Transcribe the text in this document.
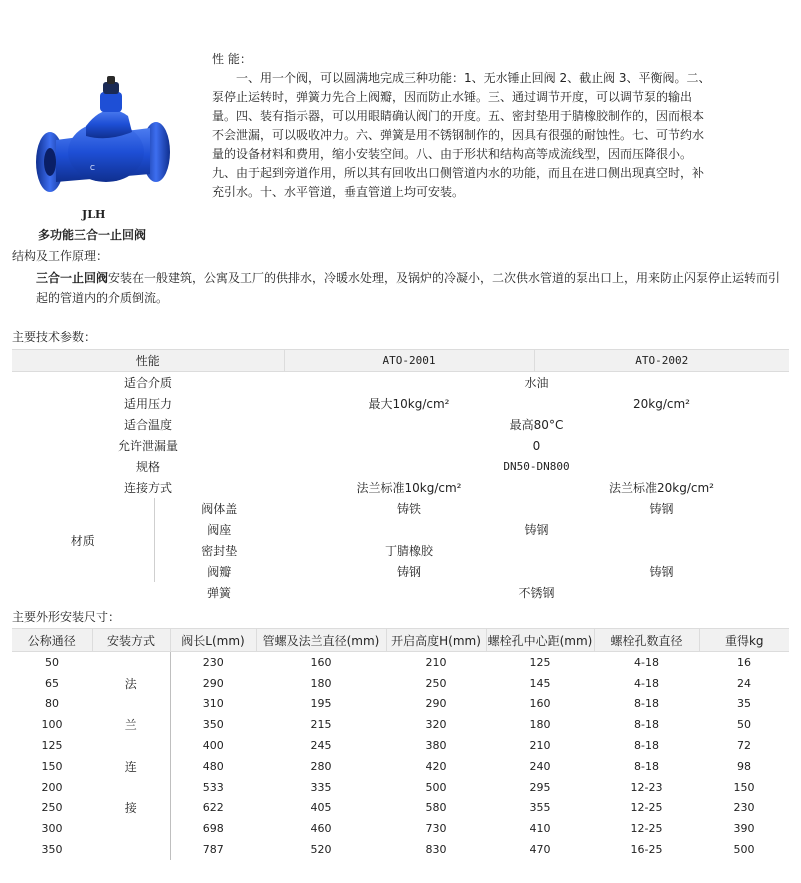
C
JLH
多功能三合一止回阀

性 能：

一、用一个阀，可以圆满地完成三种功能：1、无水锤止回阀 2、截止阀 3、平衡阀。二、泵停止运转时，弹簧力先合上阀瓣，因而防止水锤。三、通过调节开度，可以调节泵的输出量。四、装有指示器，可以用眼睛确认阀门的开度。五、密封垫用于腈橡胶制作的，因而根本不会泄漏，可以吸收冲力。六、弹簧是用不锈钢制作的，因具有很强的耐蚀性。七、可节约水量的设备材料和费用，缩小安装空间。八、由于形状和结构高等成流线型，因而压降很小。九、由于起到旁道作用，所以其有回收出口侧管道内水的功能，而且在进口侧出现真空时，补充引水。十、水平管道，垂直管道上均可安装。

结构及工作原理：
三合一止回阀安装在一般建筑，公寓及工厂的供排水，冷暖水处理，及锅炉的冷凝小，二次供水管道的泵出口上，用来防止闪泵停止运转而引起的管道内的介质倒流。
主要技术参数：
性能		ATO-2001	ATO-2002
适合介质		水油	
适用压力		最大10kg/cm²	20kg/cm²
适合温度		最高80°C	
允许泄漏量		0	
规格		DN50-DN800	
连接方式		法兰标准10kg/cm²	法兰标准20kg/cm²
材质	阀体盖	铸铁	铸钢
	阀座	铸钢	
	密封垫	丁腈橡胶	
	阀瓣	铸钢	铸钢
	弹簧	不锈钢	
主要外形安装尺寸：
公称通径	安装方式	阀长L(mm)	管螺及法兰直径(mm)	开启高度H(mm)	螺栓孔中心距(mm)	螺栓孔数直径	重得kg
50		230	160	210	125	4-18	16
65	法	290	180	250	145	4-18	24
80		310	195	290	160	8-18	35
100	兰	350	215	320	180	8-18	50
125		400	245	380	210	8-18	72
150	连	480	280	420	240	8-18	98
200		533	335	500	295	12-23	150
250	接	622	405	580	355	12-25	230
300		698	460	730	410	12-25	390
350		787	520	830	470	16-25	500
